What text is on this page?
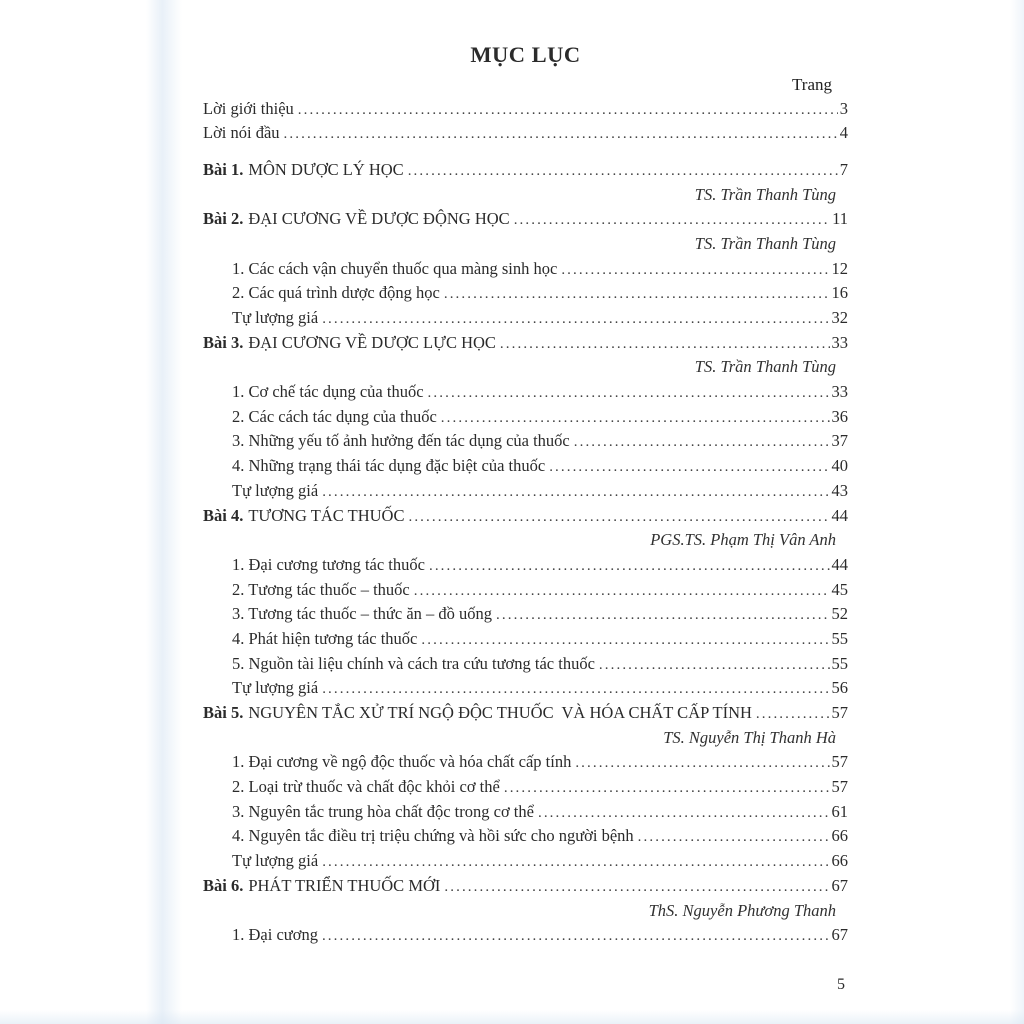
MỤC LỤC
Trang
Lời giới thiệu .....	3
Lời nói đầu .....	4
Bài 1. MÔN DƯỢC LÝ HỌC .....	7
TS. Trần Thanh Tùng
Bài 2. ĐẠI CƯƠNG VỀ DƯỢC ĐỘNG HỌC .....	11
TS. Trần Thanh Tùng
1. Các cách vận chuyển thuốc qua màng sinh học .....	12
2. Các quá trình dược động học .....	16
Tự lượng giá .....	32
Bài 3. ĐẠI CƯƠNG VỀ DƯỢC LỰC HỌC .....	33
TS. Trần Thanh Tùng
1. Cơ chế tác dụng của thuốc .....	33
2. Các cách tác dụng của thuốc .....	36
3. Những yếu tố ảnh hưởng đến tác dụng của thuốc .....	37
4. Những trạng thái tác dụng đặc biệt của thuốc .....	40
Tự lượng giá .....	43
Bài 4. TƯƠNG TÁC THUỐC .....	44
PGS.TS. Phạm Thị Vân Anh
1. Đại cương tương tác thuốc .....	44
2. Tương tác thuốc – thuốc .....	45
3. Tương tác thuốc – thức ăn – đồ uống .....	52
4. Phát hiện tương tác thuốc .....	55
5. Nguồn tài liệu chính và cách tra cứu tương tác thuốc .....	55
Tự lượng giá .....	56
Bài 5. NGUYÊN TẮC XỬ TRÍ NGỘ ĐỘC THUỐC  VÀ HÓA CHẤT CẤP TÍNH .....	57
TS. Nguyễn Thị Thanh Hà
1. Đại cương về ngộ độc thuốc và hóa chất cấp tính .....	57
2. Loại trừ thuốc và chất độc khỏi cơ thể .....	57
3. Nguyên tắc trung hòa chất độc trong cơ thể .....	61
4. Nguyên tắc điều trị triệu chứng và hồi sức cho người bệnh .....	66
Tự lượng giá .....	66
Bài 6. PHÁT TRIỂN THUỐC MỚI .....	67
ThS. Nguyễn Phương Thanh
1. Đại cương .....	67
5
